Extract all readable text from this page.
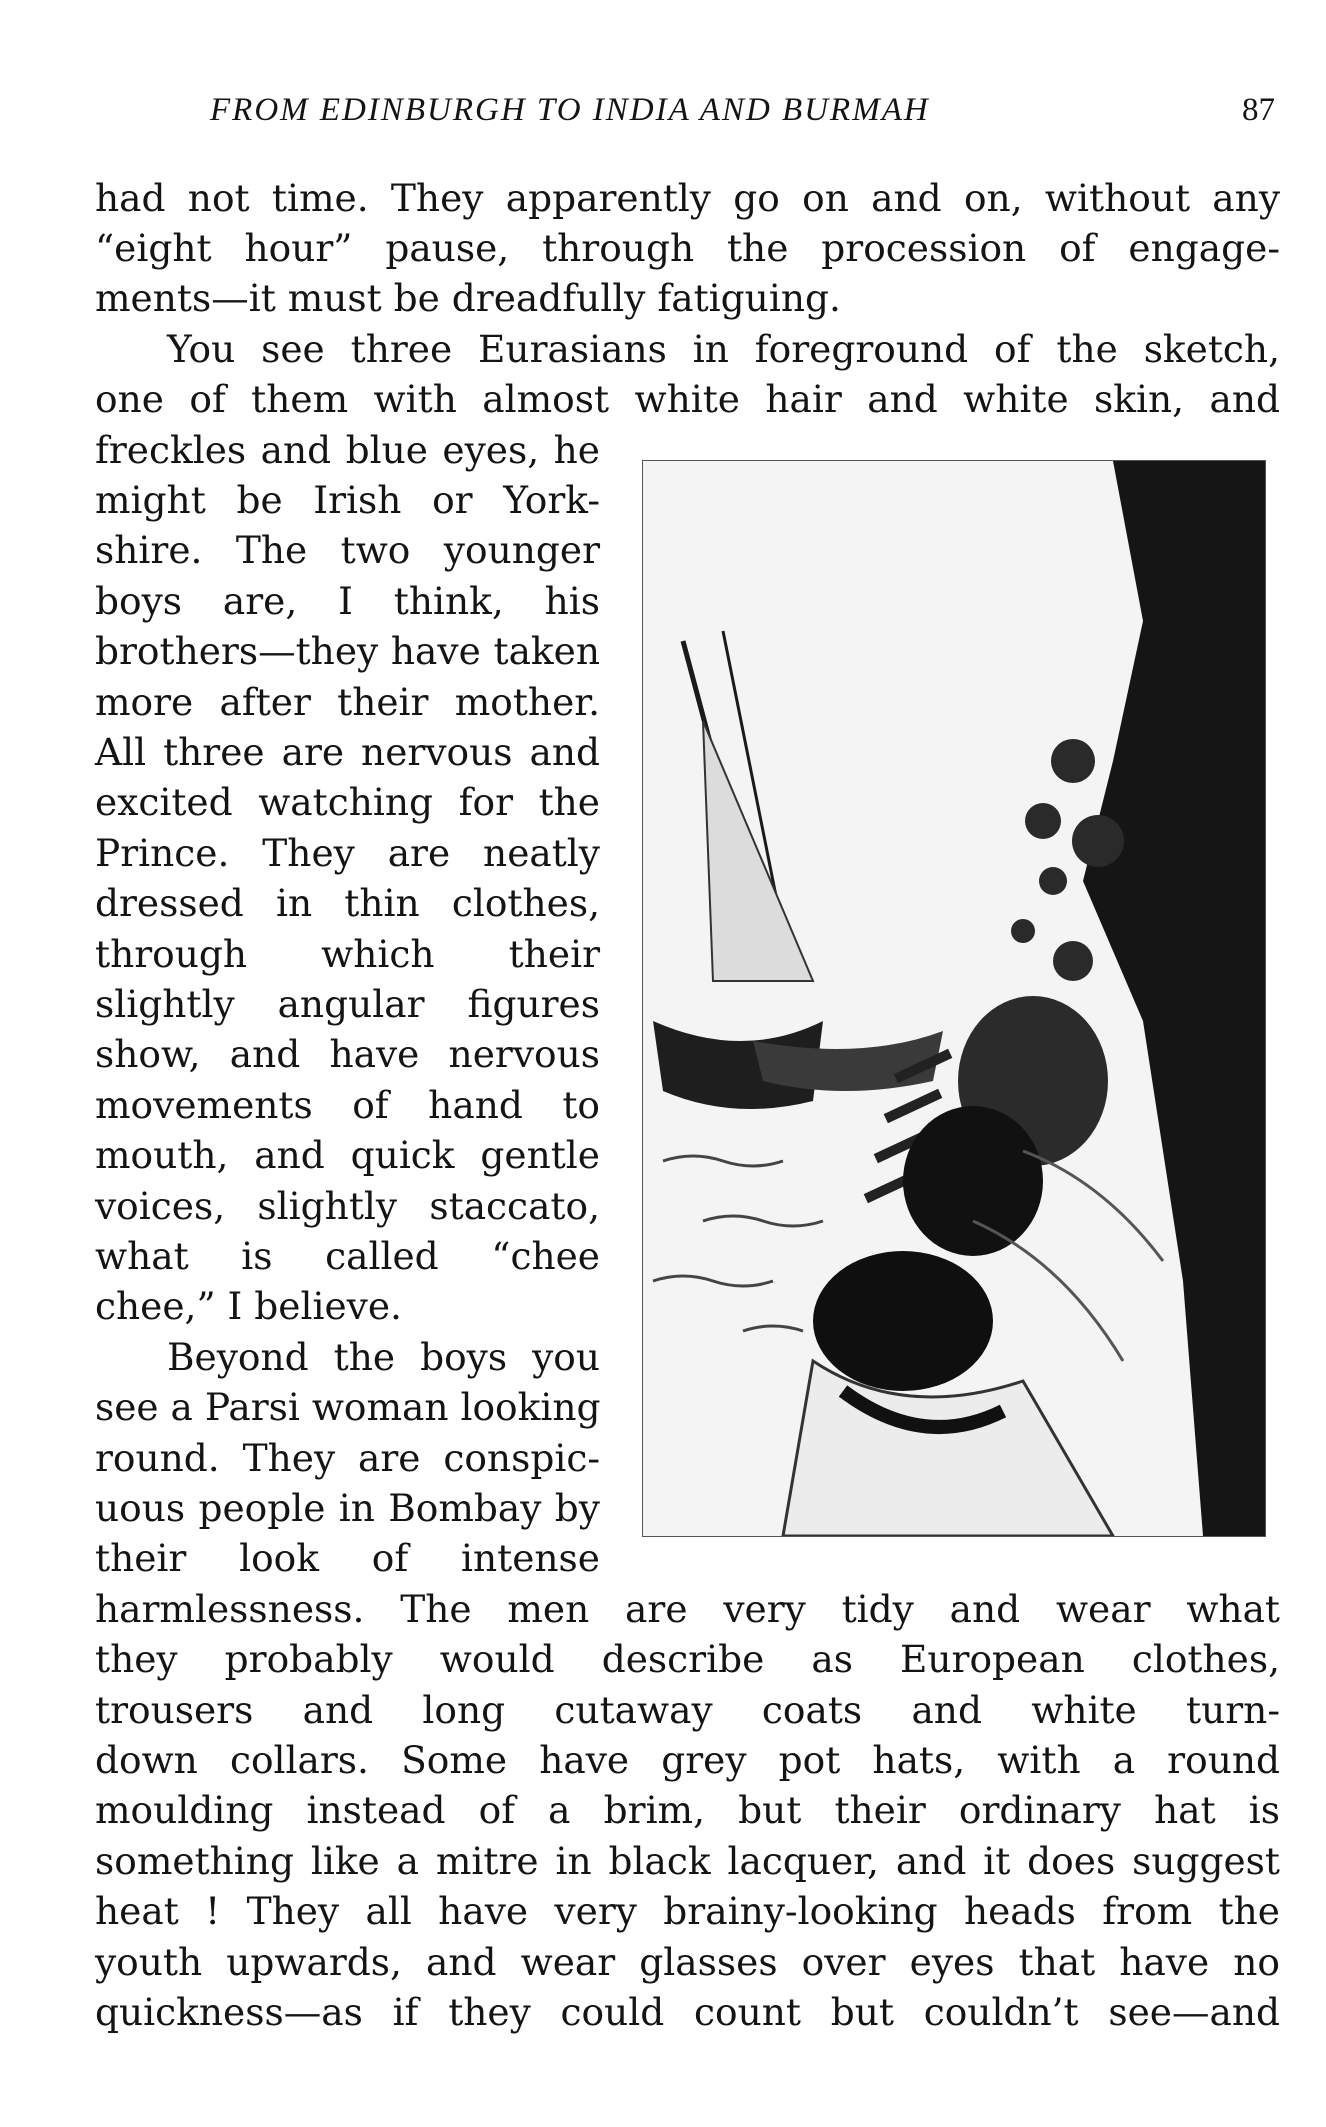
FROM EDINBURGH TO INDIA AND BURMAH	87
had not time. They apparently go on and on, without any
“eight hour” pause, through the procession of engage-
ments—it must be dreadfully fatiguing.
You see three Eurasians in foreground of the sketch,
one of them with almost white hair and white skin, and
freckles and blue eyes, he
might be Irish or York-
shire. The two younger
boys are, I think, his
brothers—they have taken
more after their mother.
All three are nervous and
excited watching for the
Prince. They are neatly
dressed in thin clothes,
through which their
slightly angular figures
show, and have nervous
movements of hand to
mouth, and quick gentle
voices, slightly staccato,
what is called “chee
chee,” I believe.
Beyond the boys you
see a Parsi woman looking
round. They are conspic-
uous people in Bombay by
their look of intense
harmlessness. The men are very tidy and wear what
they probably would describe as European clothes,
trousers and long cutaway coats and white turn-
down collars. Some have grey pot hats, with a round
moulding instead of a brim, but their ordinary hat is
something like a mitre in black lacquer, and it does suggest
heat ! They all have very brainy-looking heads from the
youth upwards, and wear glasses over eyes that have no
quickness—as if they could count but couldn’t see—and
